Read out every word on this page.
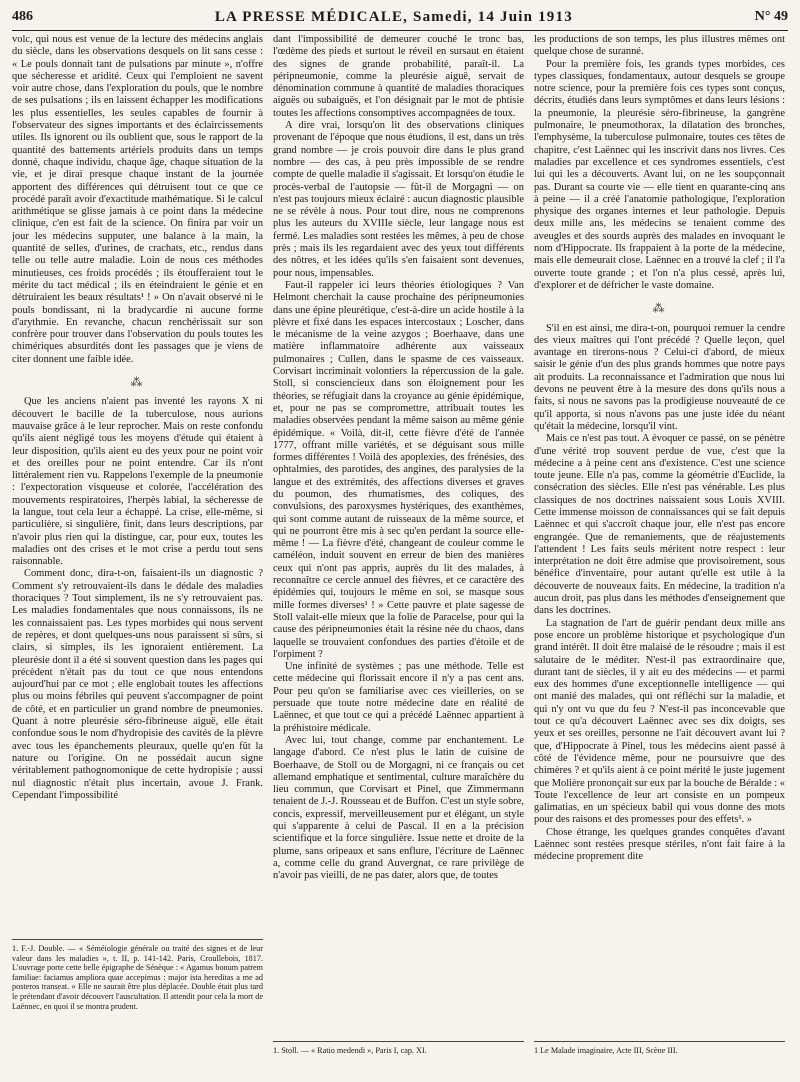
486	LA PRESSE MÉDICALE, Samedi, 14 Juin 1913	N° 49

volc, qui nous est venue de la lecture des médecins anglais du siècle, dans les observations desquels on lit sans cesse : « Le pouls donnait tant de pulsations par minute », n'offre que sécheresse et aridité. Ceux qui l'emploient ne savent voir autre chose, dans l'exploration du pouls, que le nombre de ses pulsations ; ils en laissent échapper les modifications les plus essentielles, les seules capables de fournir à l'observateur des signes importants et des éclaircissements utiles. Ils ignorent ou ils oublient que, sous le rapport de la quantité des battements artériels produits dans un temps donné, chaque individu, chaque âge, chaque situation de la vie, et je dirai presque chaque instant de la journée apportent des différences qui détruisent tout ce que ce procédé paraît avoir d'exactitude mathématique. Si le calcul arithmétique se glisse jamais à ce point dans la médecine clinique, c'en est fait de la science. On finira par voir un jour les médecins supputer, une balance à la main, la quantité de selles, d'urines, de crachats, etc., rendus dans telle ou telle autre maladie. Loin de nous ces méthodes minutieuses, ces froids procédés ; ils étoufferaient tout le mérite du tact médical ; ils en éteindraient le génie et en détruiraient les beaux résultats¹ ! » On n'avait observé ni le pouls bondissant, ni la bradycardie ni aucune forme d'arythmie. En revanche, chacun renchérissait sur son confrère pour trouver dans l'observation du pouls toutes les chimériques absurdités dont les passages que je viens de citer donnent une faible idée.

⁂

Que les anciens n'aient pas inventé les rayons X ni découvert le bacille de la tuberculose, nous aurions mauvaise grâce à le leur reprocher. Mais on reste confondu qu'ils aient négligé tous les moyens d'étude qui étaient à leur disposition, qu'ils aient eu des yeux pour ne point voir et des oreilles pour ne point entendre. Car ils n'ont littéralement rien vu. Rappelons l'exemple de la pneumonie : l'expectoration visqueuse et colorée, l'accélération des mouvements respiratoires, l'herpès labial, la sécheresse de la langue, tout cela leur a échappé. La crise, elle-même, si particulière, si singulière, finit, dans leurs descriptions, par n'avoir plus rien qui la distingue, car, pour eux, toutes les maladies ont des crises et le mot crise a perdu tout sens raisonnable.

Comment donc, dira-t-on, faisaient-ils un diagnostic ? Comment s'y retrouvaient-ils dans le dédale des maladies thoraciques ? Tout simplement, ils ne s'y retrouvaient pas. Les maladies fondamentales que nous connaissons, ils ne les connaissaient pas. Les types morbides qui nous servent de repères, et dont quelques-uns nous paraissent si sûrs, si clairs, si simples, ils les ignoraient entièrement. La pleurésie dont il a été si souvent question dans les pages qui précèdent n'était pas du tout ce que nous entendons aujourd'hui par ce mot ; elle englobait toutes les affections plus ou moins fébriles qui peuvent s'accompagner de point de côté, et en particulier un grand nombre de pneumonies. Quant à notre pleurésie séro-fibrineuse aiguë, elle était confondue sous le nom d'hydropisie des cavités de la plèvre avec tous les épanchements pleuraux, quelle qu'en fût la nature ou l'origine. On ne possédait aucun signe véritablement pathognomonique de cette hydropisie ; aussi nul diagnostic n'était plus incertain, avoue J. Frank. Cependant l'impossibilité

1. F.-J. Double. — « Séméiologie générale ou traité des signes et de leur valeur dans les maladies », t. II, p. 141-142. Paris, Croullebois, 1817. L'ouvrage porte cette belle épigraphe de Sénèque : « Agamus bonum patrem familiae: faciamus ampliora quae accepimus : major ista hereditas a me ad posteros transeat. » Elle ne saurait être plus déplacée. Double était plus tard le prétendant d'avoir découvert l'auscultation. Il attendit pour cela la mort de Laënnec, en quoi il se montra prudent.

dant l'impossibilité de demeurer couché le tronc bas, l'œdème des pieds et surtout le réveil en sursaut en étaient des signes de grande probabilité, paraît-il. La péripneumonie, comme la pleurésie aiguë, servait de dénomination commune à quantité de maladies thoraciques aiguës ou subaiguës, et l'on désignait par le mot de phtisie toutes les affections consomptives accompagnées de toux.

A dire vrai, lorsqu'on lit des observations cliniques provenant de l'époque que nous étudions, il est, dans un très grand nombre — je crois pouvoir dire dans le plus grand nombre — des cas, à peu près impossible de se rendre compte de quelle maladie il s'agissait. Et lorsqu'on étudie le procès-verbal de l'autopsie — fût-il de Morgagni — on n'est pas toujours mieux éclairé : aucun diagnostic plausible ne se révèle à nous. Pour tout dire, nous ne comprenons plus les auteurs du XVIIIe siècle, leur langage nous est fermé. Les maladies sont restées les mêmes, à peu de chose près ; mais ils les regardaient avec des yeux tout différents des nôtres, et les idées qu'ils s'en faisaient sont devenues, pour nous, impensables.

Faut-il rappeler ici leurs théories étiologiques ? Van Helmont cherchait la cause prochaine des péripneumonies dans une épine pleurétique, c'est-à-dire un acide hostile à la plèvre et fixé dans les espaces intercostaux ; Loscher, dans le mécanisme de la veine azygos ; Boerhaave, dans une matière inflammatoire adhérente aux vaisseaux pulmonaires ; Cullen, dans le spasme de ces vaisseaux. Corvisart incriminait volontiers la répercussion de la gale. Stoll, si consciencieux dans son éloignement pour les théories, se réfugiait dans la croyance au génie épidémique, et, pour ne pas se compromettre, attribuait toutes les maladies observées pendant la même saison au même génie épidémique. « Voilà, dit-il, cette fièvre d'été de l'année 1777, offrant mille variétés, et se déguisant sous mille formes différentes ! Voilà des apoplexies, des frénésies, des ophtalmies, des parotides, des angines, des paralysies de la langue et des extrémités, des affections diverses et graves du poumon, des rhumatismes, des coliques, des convulsions, des paroxysmes hystériques, des exanthèmes, qui sont comme autant de ruisseaux de la même source, et qui ne pourront être mis à sec qu'en perdant la source elle-même ! — La fièvre d'été, changeant de couleur comme le caméléon, induit souvent en erreur de bien des manières ceux qui n'ont pas appris, auprès du lit des malades, à reconnaître ce cercle annuel des fièvres, et ce caractère des épidémies qui, toujours le même en soi, se masque sous mille formes diverses¹ ! » Cette pauvre et plate sagesse de Stoll valait-elle mieux que la folie de Paracelse, pour qui la cause des péripneumonies était la résine née du chaos, dans laquelle se trouvaient confondues des parties d'étoile et de l'orpiment ?

Une infinité de systèmes ; pas une méthode. Telle est cette médecine qui florissait encore il n'y a pas cent ans. Pour peu qu'on se familiarise avec ces vieilleries, on se persuade que toute notre médecine date en réalité de Laënnec, et que tout ce qui a précédé Laënnec appartient à la préhistoire médicale.

Avec lui, tout change, comme par enchantement. Le langage d'abord. Ce n'est plus le latin de cuisine de Boerhaave, de Stoll ou de Morgagni, ni ce français ou cet allemand emphatique et sentimental, culture maraîchère du lieu commun, que Corvisart et Pinel, que Zimmermann tenaient de J.-J. Rousseau et de Buffon. C'est un style sobre, concis, expressif, merveilleusement pur et élégant, un style qui s'apparente à celui de Pascal. Il en a la précision scientifique et la force singulière. Issue nette et droite de la plume, sans oripeaux et sans enflure, l'écriture de Laënnec a, comme celle du grand Auvergnat, ce rare privilège de n'avoir pas vieilli, de ne pas dater, alors que, de toutes

1. Stoll. — « Ratio medendi », Paris I, cap. XI.

les productions de son temps, les plus illustres mêmes ont quelque chose de suranné.

Pour la première fois, les grands types morbides, ces types classiques, fondamentaux, autour desquels se groupe notre science, pour la première fois ces types sont conçus, décrits, étudiés dans leurs symptômes et dans leurs lésions : la pneumonie, la pleurésie séro-fibrineuse, la gangrène pulmonaire, le pneumothorax, la dilatation des bronches, l'emphysème, la tuberculose pulmonaire, toutes ces têtes de chapitre, c'est Laënnec qui les inscrivit dans nos livres. Ces maladies par excellence et ces syndromes essentiels, c'est lui qui les a découverts. Avant lui, on ne les soupçonnait pas. Durant sa courte vie — elle tient en quarante-cinq ans à peine — il a créé l'anatomie pathologique, l'exploration physique des organes internes et leur pathologie. Depuis deux mille ans, les médecins se tenaient comme des aveugles et des sourds auprès des malades en invoquant le nom d'Hippocrate. Ils frappaient à la porte de la médecine, mais elle demeurait close. Laënnec en a trouvé la clef ; il l'a ouverte toute grande ; et l'on n'a plus cessé, après lui, d'explorer et de défricher le vaste domaine.

⁂

S'il en est ainsi, me dira-t-on, pourquoi remuer la cendre des vieux maîtres qui l'ont précédé ? Quelle leçon, quel avantage en tirerons-nous ? Celui-ci d'abord, de mieux saisir le génie d'un des plus grands hommes que notre pays ait produits. La reconnaissance et l'admiration que nous lui devons ne peuvent être à la mesure des dons qu'ils nous a faits, si nous ne savons pas la prodigieuse nouveauté de ce qu'il apporta, si nous n'avons pas une juste idée du néant qu'était la médecine, lorsqu'il vint.

Mais ce n'est pas tout. A évoquer ce passé, on se pénètre d'une vérité trop souvent perdue de vue, c'est que la médecine a à peine cent ans d'existence. C'est une science toute jeune. Elle n'a pas, comme la géométrie d'Euclide, la consécration des siècles. Elle n'est pas vénérable. Les plus classiques de nos doctrines naissaient sous Louis XVIII. Cette immense moisson de connaissances qui se fait depuis Laënnec et qui s'accroît chaque jour, elle n'est pas encore engrangée. Que de remaniements, que de réajustements l'attendent ! Les faits seuls méritent notre respect : leur interprétation ne doit être admise que provisoirement, sous bénéfice d'inventaire, pour autant qu'elle est utile à la découverte de nouveaux faits. En médecine, la tradition n'a aucun droit, pas plus dans les méthodes d'enseignement que dans les doctrines.

La stagnation de l'art de guérir pendant deux mille ans pose encore un problème historique et psychologique d'un grand intérêt. Il doit être malaisé de le résoudre ; mais il est salutaire de le méditer. N'est-il pas extraordinaire que, durant tant de siècles, il y ait eu des médecins — et parmi eux des hommes d'une exceptionnelle intelligence — qui ont manié des malades, qui ont réfléchi sur la maladie, et qui n'y ont vu que du feu ? N'est-il pas inconcevable que tout ce qu'a découvert Laënnec avec ses dix doigts, ses yeux et ses oreilles, personne ne l'ait découvert avant lui ? que, d'Hippocrate à Pinel, tous les médecins aient passé à côté de l'évidence même, pour ne poursuivre que des chimères ? et qu'ils aient à ce point mérité le juste jugement que Molière prononçait sur eux par la bouche de Béralde : « Toute l'excellence de leur art consiste en un pompeux galimatias, en un spécieux babil qui vous donne des mots pour des raisons et des promesses pour des effets¹. »

Chose étrange, les quelques grandes conquêtes d'avant Laënnec sont restées presque stériles, n'ont fait faire à la médecine proprement dite

1 Le Malade imaginaire, Acte III, Scène III.
